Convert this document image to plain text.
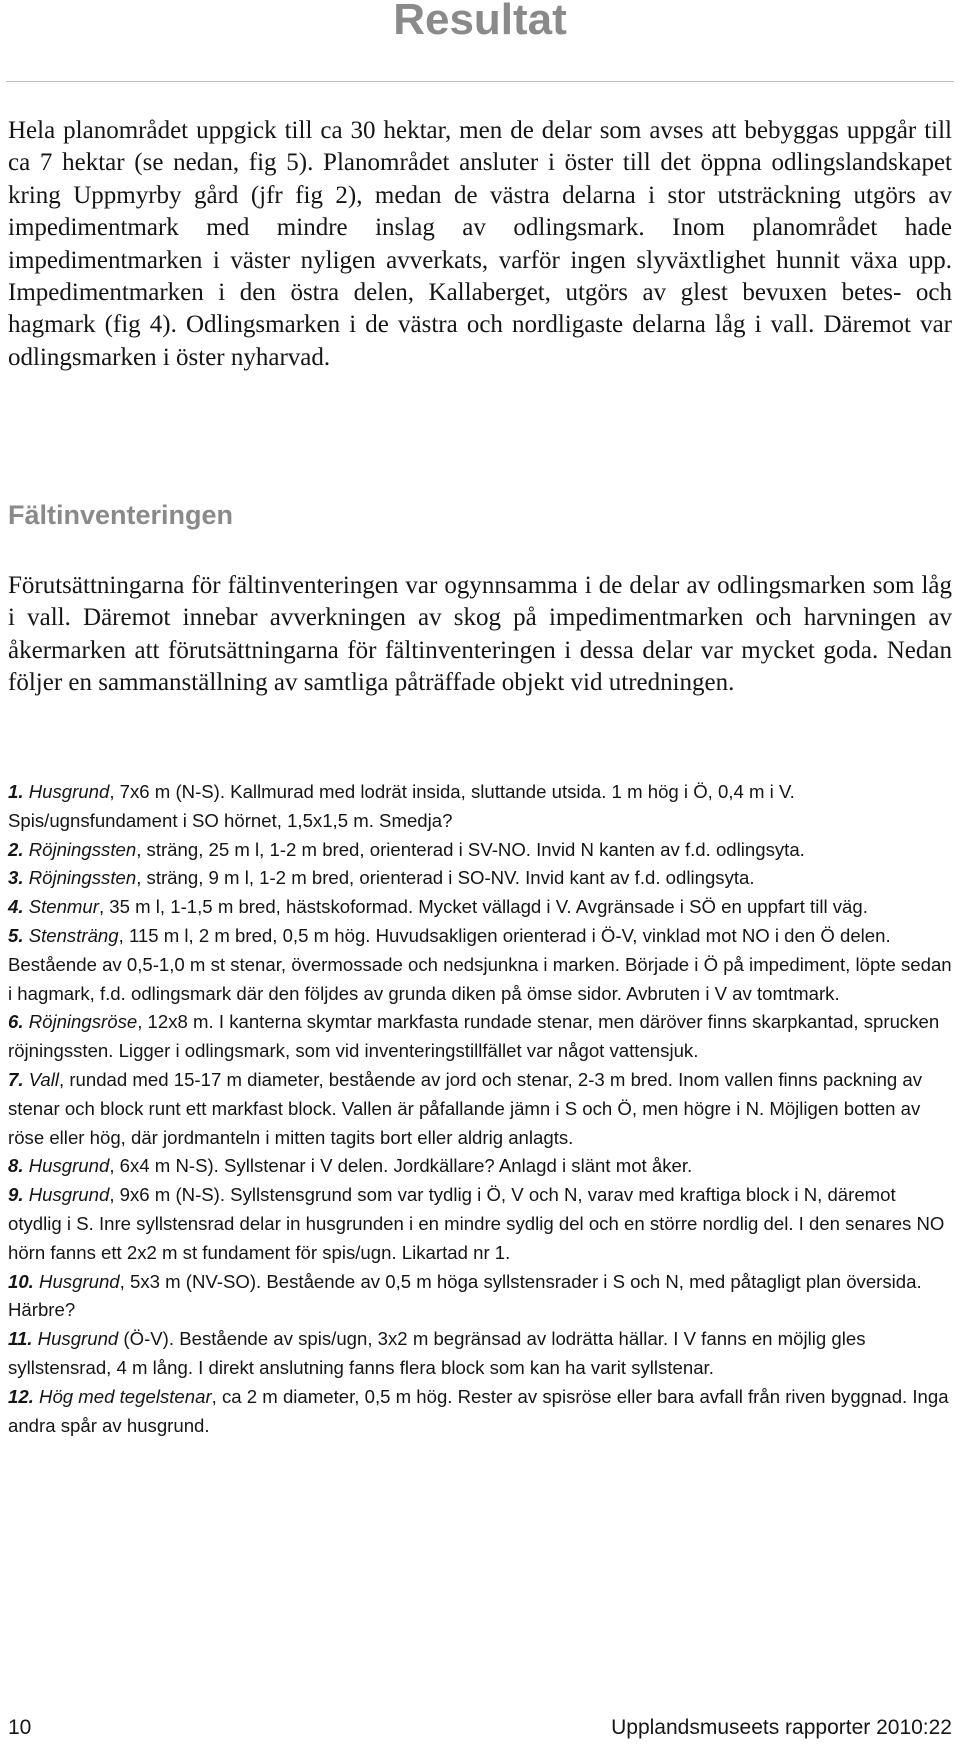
Resultat

Hela planområdet uppgick till ca 30 hektar, men de delar som avses att bebyggas uppgår till ca 7 hektar (se nedan, fig 5). Planområdet ansluter i öster till det öppna odlingslandskapet kring Uppmyrby gård (jfr fig 2), medan de västra delarna i stor utsträckning utgörs av impedimentmark med mindre inslag av odlingsmark. Inom planområdet hade impedimentmarken i väster nyligen avverkats, varför ingen slyväxtlighet hunnit växa upp. Impedimentmarken i den östra delen, Kallaberget, utgörs av glest bevuxen betes- och hagmark (fig 4). Odlingsmarken i de västra och nordligaste delarna låg i vall. Däremot var odlingsmarken i öster nyharvad.

Fältinventeringen

Förutsättningarna för fältinventeringen var ogynnsamma i de delar av odlingsmarken som låg i vall. Däremot innebar avverkningen av skog på impedimentmarken och harvningen av åkermarken att förutsättningarna för fältinventeringen i dessa delar var mycket goda. Nedan följer en sammanställning av samtliga påträffade objekt vid utredningen.

1. Husgrund, 7x6 m (N-S). Kallmurad med lodrät insida, sluttande utsida. 1 m hög i Ö, 0,4 m i V. Spis/ugnsfundament i SO hörnet, 1,5x1,5 m. Smedja?
2. Röjningssten, sträng, 25 m l, 1-2 m bred, orienterad i SV-NO. Invid N kanten av f.d. odlingsyta.
3. Röjningssten, sträng, 9 m l, 1-2 m bred, orienterad i SO-NV. Invid kant av f.d. odlingsyta.
4. Stenmur, 35 m l, 1-1,5 m bred, hästskoformad. Mycket vällagd i V. Avgränsade i SÖ en uppfart till väg.
5. Stensträng, 115 m l, 2 m bred, 0,5 m hög. Huvudsakligen orienterad i Ö-V, vinklad mot NO i den Ö delen. Bestående av 0,5-1,0 m st stenar, övermossade och nedsjunkna i marken. Började i Ö på impediment, löpte sedan i hagmark, f.d. odlingsmark där den följdes av grunda diken på ömse sidor. Avbruten i V av tomtmark.
6. Röjningsröse, 12x8 m. I kanterna skymtar markfasta rundade stenar, men däröver finns skarpkantad, sprucken röjningssten. Ligger i odlingsmark, som vid inventeringstillfället var något vattensjuk.
7. Vall, rundad med 15-17 m diameter, bestående av jord och stenar, 2-3 m bred. Inom vallen finns packning av stenar och block runt ett markfast block. Vallen är påfallande jämn i S och Ö, men högre i N. Möjligen botten av röse eller hög, där jordmanteln i mitten tagits bort eller aldrig anlagts.
8. Husgrund, 6x4 m N-S). Syllstenar i V delen. Jordkällare? Anlagd i slänt mot åker.
9. Husgrund, 9x6 m (N-S). Syllstensgrund som var tydlig i Ö, V och N, varav med kraftiga block i N, däremot otydlig i S. Inre syllstensrad delar in husgrunden i en mindre sydlig del och en större nordlig del. I den senares NO hörn fanns ett 2x2 m st fundament för spis/ugn. Likartad nr 1.
10. Husgrund, 5x3 m (NV-SO). Bestående av 0,5 m höga syllstensrader i S och N, med påtagligt plan översida. Härbre?
11. Husgrund (Ö-V). Bestående av spis/ugn, 3x2 m begränsad av lodrätta hällar. I V fanns en möjlig gles syllstensrad, 4 m lång. I direkt anslutning fanns flera block som kan ha varit syllstenar.
12. Hög med tegelstenar, ca 2 m diameter, 0,5 m hög. Rester av spisröse eller bara avfall från riven byggnad. Inga andra spår av husgrund.
10	Upplandsmuseets rapporter 2010:22
